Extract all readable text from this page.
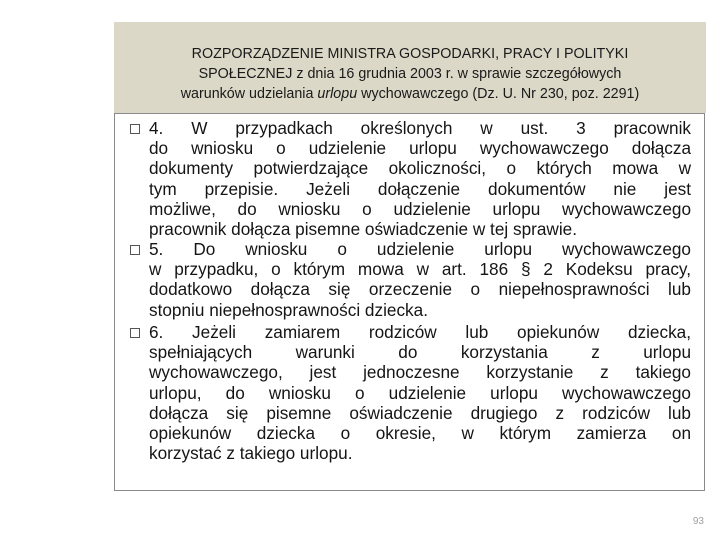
ROZPORZĄDZENIE MINISTRA GOSPODARKI, PRACY I POLITYKI
SPOŁECZNEJ z dnia 16 grudnia 2003 r. w sprawie szczegółowych
warunków udzielania urlopu wychowawczego (Dz. U. Nr 230, poz. 2291)
4. W przypadkach określonych w ust. 3 pracownik
do wniosku o udzielenie urlopu wychowawczego dołącza
dokumenty potwierdzające okoliczności, o których mowa w
tym przepisie. Jeżeli dołączenie dokumentów nie jest
możliwe, do wniosku o udzielenie urlopu wychowawczego
pracownik dołącza pisemne oświadczenie w tej sprawie.
5. Do wniosku o udzielenie urlopu wychowawczego
w przypadku, o którym mowa w art. 186 § 2 Kodeksu pracy,
dodatkowo dołącza się orzeczenie o niepełnosprawności lub
stopniu niepełnosprawności dziecka.
6. Jeżeli zamiarem rodziców lub opiekunów dziecka,
spełniających warunki do korzystania z urlopu
wychowawczego, jest jednoczesne korzystanie z takiego
urlopu, do wniosku o udzielenie urlopu wychowawczego
dołącza się pisemne oświadczenie drugiego z rodziców lub
opiekunów dziecka o okresie, w którym zamierza on
korzystać z takiego urlopu.
93
